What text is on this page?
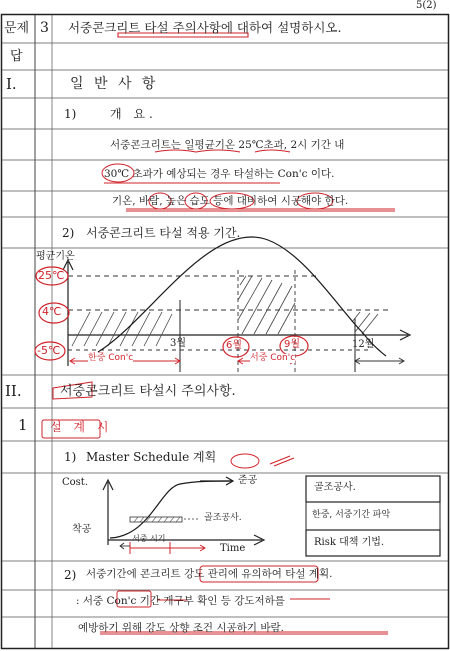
5(2)
문제 3 서중콘크리트 타설 주의사항에 대하여 설명하시오.
답
I.	일 반 사 항
1)	개 요.
서중콘크리트는 일평균기온 25℃초과, 2시 기간 내
30℃ 초과가 예상되는 경우 타설하는 Con'c 이다.
기온, 바람, 높은 습도 등에 대비하여 시공해야 한다.
2) 서중콘크리트 타설 적용 기간.
평균기온
25℃
4℃
-5℃
3월	6월	9월	12월
한중 Con'c	서중 Con'c
II.	서중콘크리트 타설시 주의사항.
1 설 계 시
1) Master Schedule 계획
Cost.	준공
착공
골조공사.
서중 시기
Time
골조공사.
한중, 서중기간 파악
Risk 대책 기법.
2) 서중기간에 콘크리트 강도 관리에 유의하여 타설 계획.
: 서중 Con'c 기간 개구부 확인 등 강도저하를
예방하기 위해 강도 상향 조건 시공하기 바람.
